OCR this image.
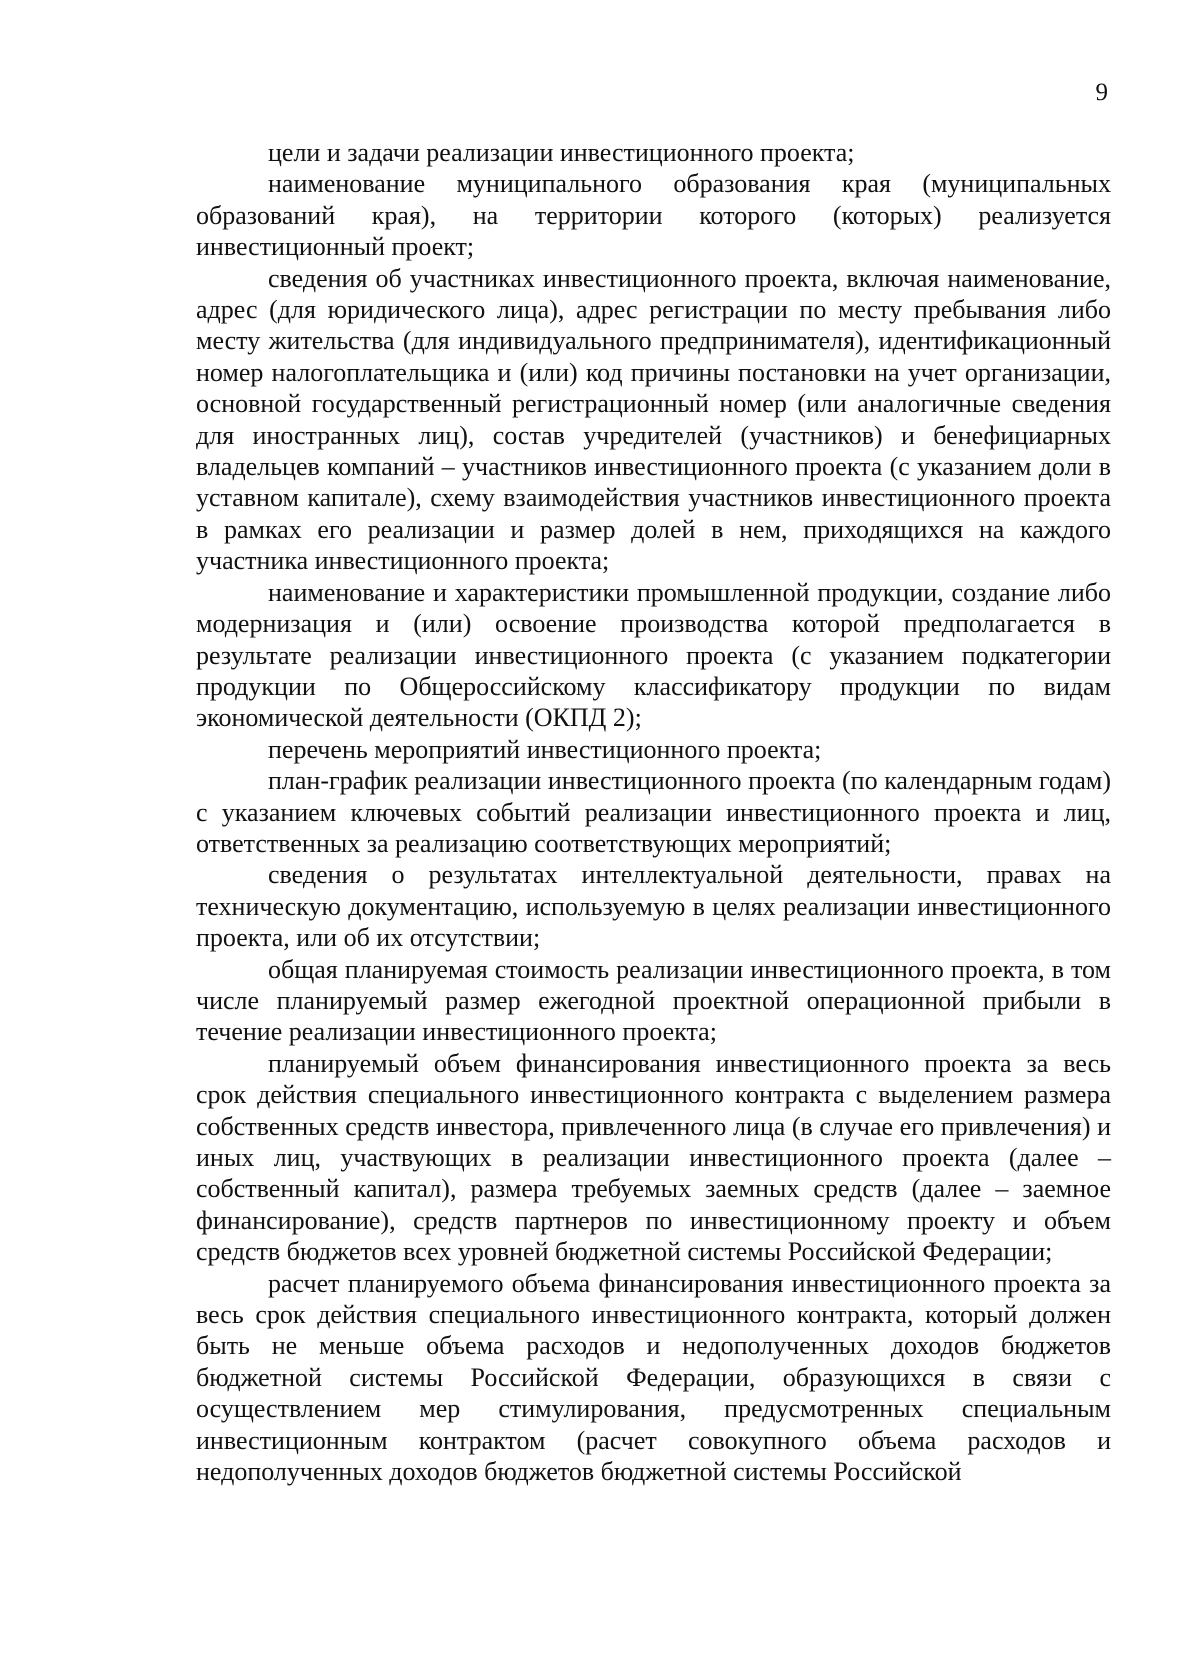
9

цели и задачи реализации инвестиционного проекта;

наименование муниципального образования края (муниципальных образований края), на территории которого (которых) реализуется инвестиционный проект;

сведения об участниках инвестиционного проекта, включая наименование, адрес (для юридического лица), адрес регистрации по месту пребывания либо месту жительства (для индивидуального предпринимателя), идентификационный номер налогоплательщика и (или) код причины постановки на учет организации, основной государственный регистрационный номер (или аналогичные сведения для иностранных лиц), состав учредителей (участников) и бенефициарных владельцев компаний – участников инвестиционного проекта (с указанием доли в уставном капитале), схему взаимодействия участников инвестиционного проекта в рамках его реализации и размер долей в нем, приходящихся на каждого участника инвестиционного проекта;

наименование и характеристики промышленной продукции, создание либо модернизация и (или) освоение производства которой предполагается в результате реализации инвестиционного проекта (с указанием подкатегории продукции по Общероссийскому классификатору продукции по видам экономической деятельности (ОКПД 2);

перечень мероприятий инвестиционного проекта;

план-график реализации инвестиционного проекта (по календарным годам) с указанием ключевых событий реализации инвестиционного проекта и лиц, ответственных за реализацию соответствующих мероприятий;

сведения о результатах интеллектуальной деятельности, правах на техническую документацию, используемую в целях реализации инвестиционного проекта, или об их отсутствии;

общая планируемая стоимость реализации инвестиционного проекта, в том числе планируемый размер ежегодной проектной операционной прибыли в течение реализации инвестиционного проекта;

планируемый объем финансирования инвестиционного проекта за весь срок действия специального инвестиционного контракта с выделением размера собственных средств инвестора, привлеченного лица (в случае его привлечения) и иных лиц, участвующих в реализации инвестиционного проекта (далее – собственный капитал), размера требуемых заемных средств (далее – заемное финансирование), средств партнеров по инвестиционному проекту и объем средств бюджетов всех уровней бюджетной системы Российской Федерации;

расчет планируемого объема финансирования инвестиционного проекта за весь срок действия специального инвестиционного контракта, который должен быть не меньше объема расходов и недополученных доходов бюджетов бюджетной системы Российской Федерации, образующихся в связи с осуществлением мер стимулирования, предусмотренных специальным инвестиционным контрактом (расчет совокупного объема расходов и недополученных доходов бюджетов бюджетной системы Российской
